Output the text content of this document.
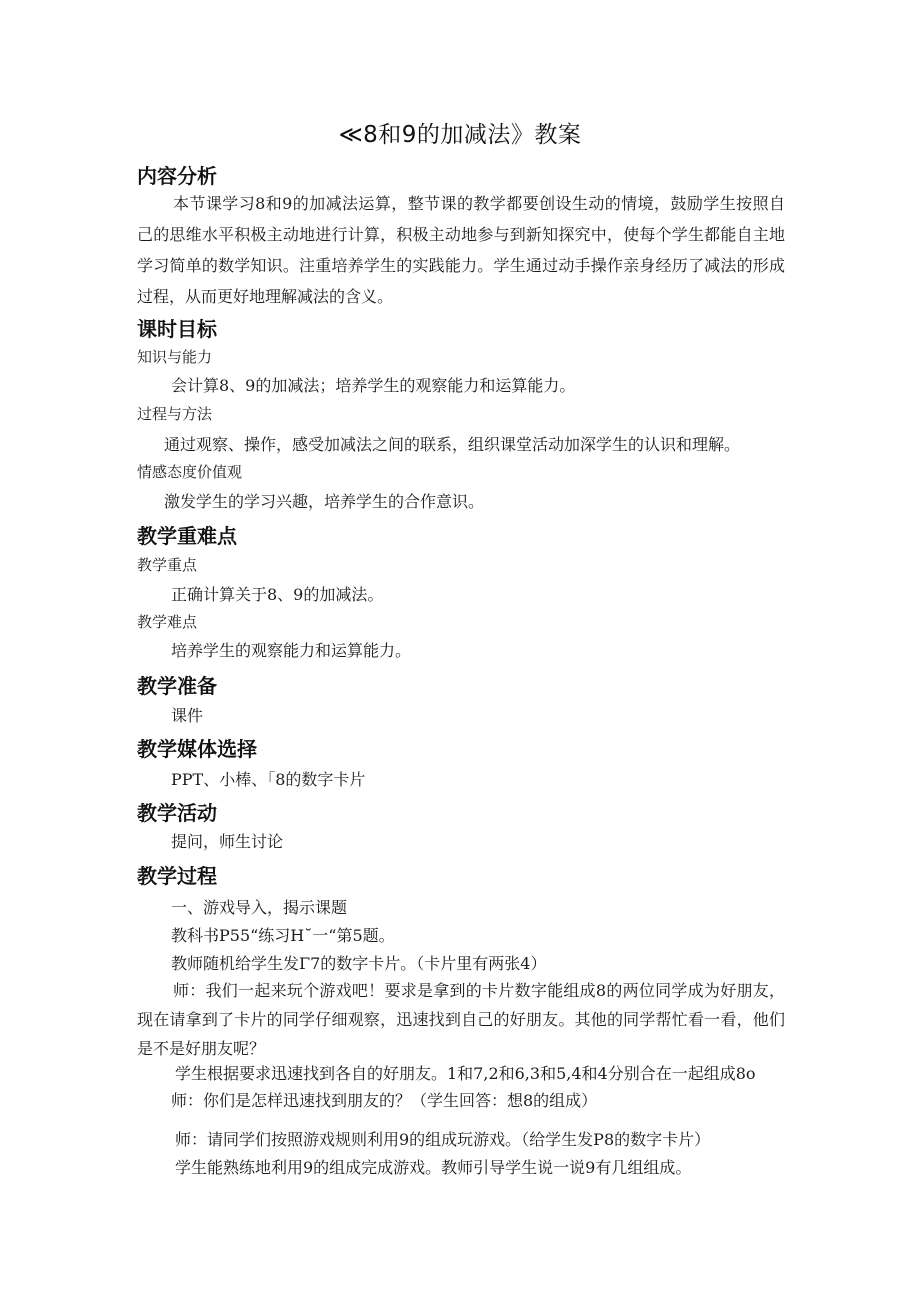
≪8和9的加减法》教案
内容分析
本节课学习8和9的加减法运算，整节课的教学都要创设生动的情境，鼓励学生按照自己的思维水平积极主动地进行计算，积极主动地参与到新知探究中，使每个学生都能自主地学习简单的数学知识。注重培养学生的实践能力。学生通过动手操作亲身经历了减法的形成过程，从而更好地理解减法的含义。
课时目标
知识与能力
会计算8、9的加减法；培养学生的观察能力和运算能力。
过程与方法
通过观察、操作，感受加减法之间的联系，组织课堂活动加深学生的认识和理解。
情感态度价值观
激发学生的学习兴趣，培养学生的合作意识。
教学重难点
教学重点
正确计算关于8、9的加减法。
教学难点
培养学生的观察能力和运算能力。
教学准备
课件
教学媒体选择
PPT、小棒、「8的数字卡片
教学活动
提问，师生讨论
教学过程
一、游戏导入，揭示课题
教科书P55“练习H˘一“第5题。
教师随机给学生发Γ7的数字卡片。（卡片里有两张4）
师：我们一起来玩个游戏吧！要求是拿到的卡片数字能组成8的两位同学成为好朋友，现在请拿到了卡片的同学仔细观察，迅速找到自己的好朋友。其他的同学帮忙看一看，他们是不是好朋友呢？
学生根据要求迅速找到各自的好朋友。1和7,2和6,3和5,4和4分别合在一起组成8o
师：你们是怎样迅速找到朋友的？（学生回答：想8的组成）
师：请同学们按照游戏规则利用9的组成玩游戏。（给学生发P8的数字卡片）
学生能熟练地利用9的组成完成游戏。教师引导学生说一说9有几组组成。
